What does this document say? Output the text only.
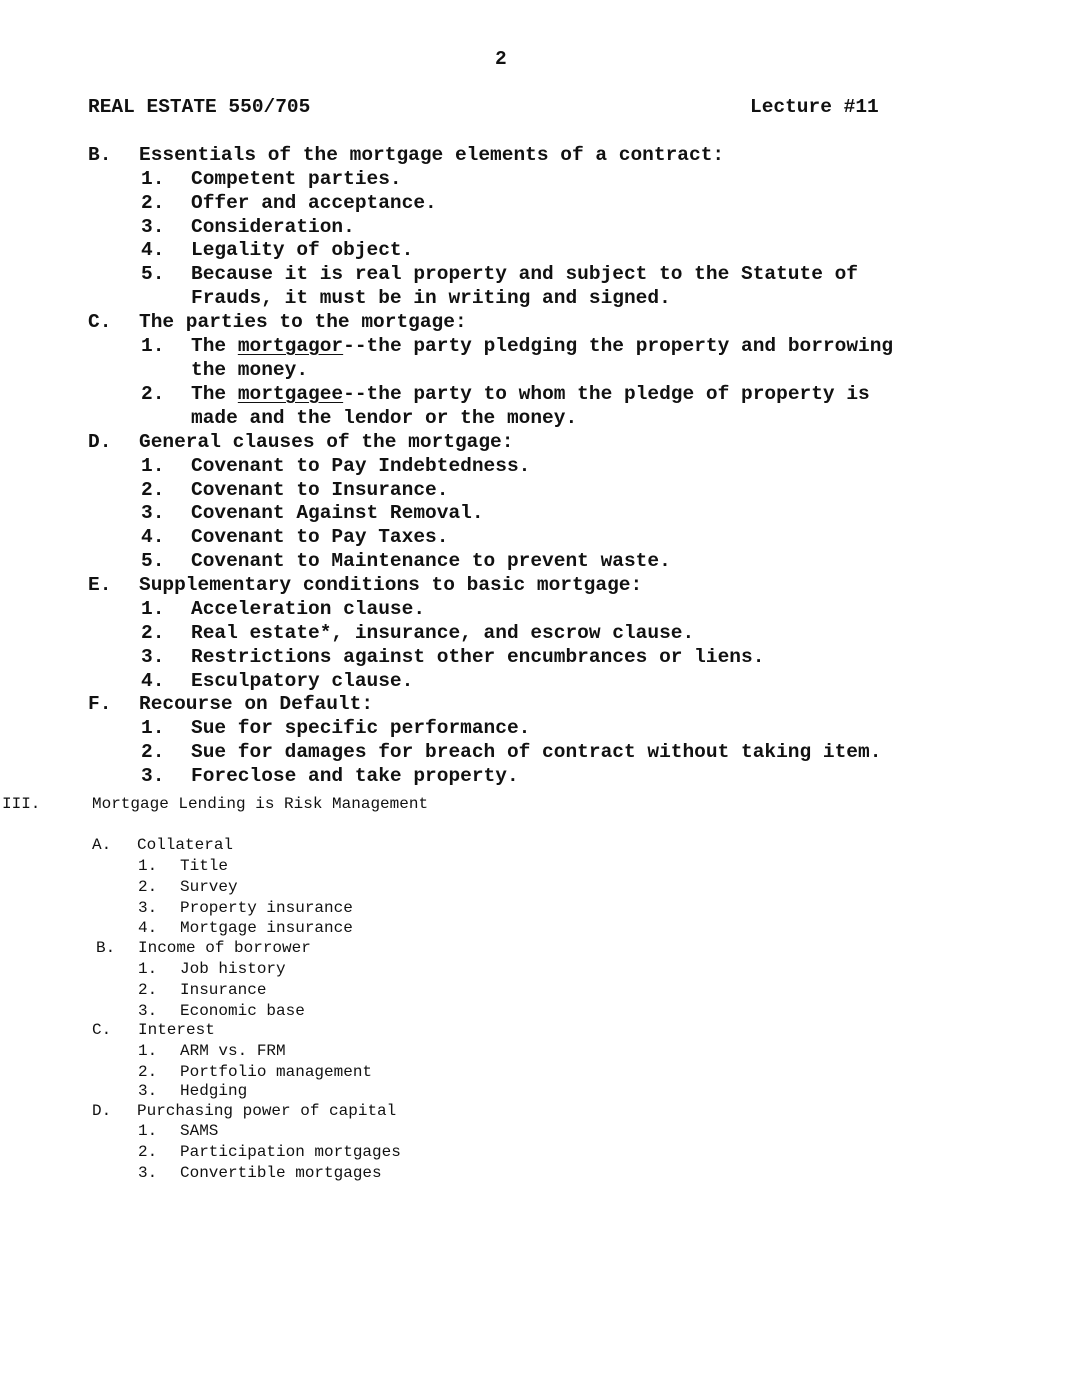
2
REAL ESTATE 550/705	Lecture #11
B. Essentials of the mortgage elements of a contract:
1. Competent parties.
2. Offer and acceptance.
3. Consideration.
4. Legality of object.
5. Because it is real property and subject to the Statute of
Frauds, it must be in writing and signed.
C. The parties to the mortgage:
1. The mortgagor--the party pledging the property and borrowing
the money.
2. The mortgagee--the party to whom the pledge of property is
made and the lendor or the money.
D. General clauses of the mortgage:
1. Covenant to Pay Indebtedness.
2. Covenant to Insurance.
3. Covenant Against Removal.
4. Covenant to Pay Taxes.
5. Covenant to Maintenance to prevent waste.
E. Supplementary conditions to basic mortgage:
1. Acceleration clause.
2. Real estate*, insurance, and escrow clause.
3. Restrictions against other encumbrances or liens.
4. Esculpatory clause.
F. Recourse on Default:
1. Sue for specific performance.
2. Sue for damages for breach of contract without taking item.
3. Foreclose and take property.
III.	Mortgage Lending is Risk Management
A. Collateral
1. Title
2. Survey
3. Property insurance
4. Mortgage insurance
B. Income of borrower
1. Job history
2. Insurance
3. Economic base
C. Interest
1. ARM vs. FRM
2. Portfolio management
3. Hedging
D. Purchasing power of capital
1. SAMS
2. Participation mortgages
3. Convertible mortgages
